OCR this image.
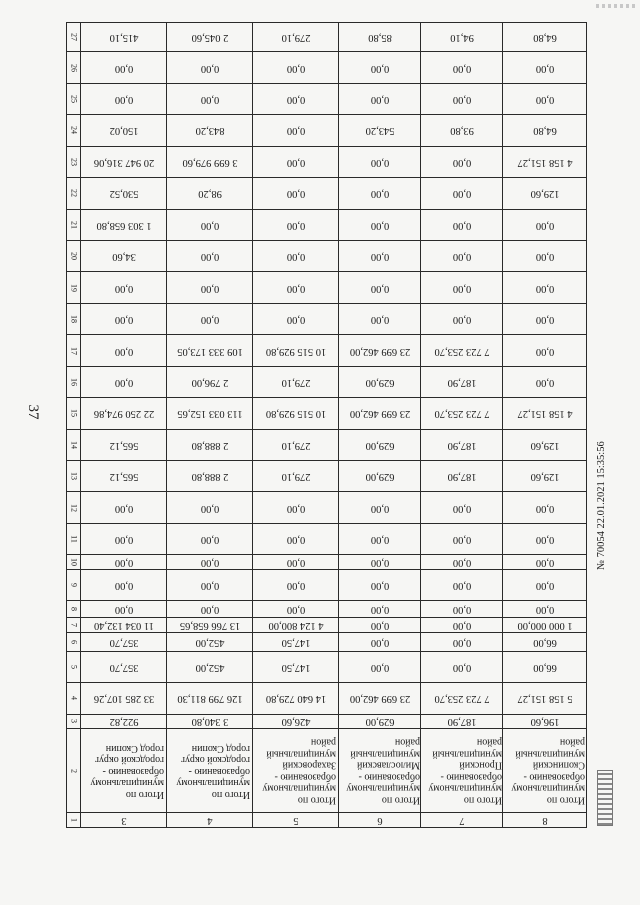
37
27	415,10	2 045,60	279,10	85,80	94,10	64,80

26	0,00	0,00	0,00	0,00	0,00	0,00

25	0,00	0,00	0,00	0,00	0,00	0,00

24	150,02	843,20	0,00	543,20	93,80	64,80

23	20 947 316,06	3 699 979,60	0,00	0,00	0,00	4 158 151,27

22	530,52	98,20	0,00	0,00	0,00	129,60

21	1 303 658,80	0,00	0,00	0,00	0,00	0,00

20	34,60	0,00	0,00	0,00	0,00	0,00

19	0,00	0,00	0,00	0,00	0,00	0,00

18	0,00	0,00	0,00	0,00	0,00	0,00

17	0,00	109 333 173,05	10 515 929,80	23 699 462,00	7 723 253,70	0,00

16	0,00	2 796,00	279,10	629,00	187,90	0,00

15	22 250 974,86	113 033 152,65	10 515 929,80	23 699 462,00	7 723 253,70	4 158 151,27

14	565,12	2 888,80	279,10	629,00	187,90	129,60

13	565,12	2 888,80	279,10	629,00	187,90	129,60

12	0,00	0,00	0,00	0,00	0,00	0,00

11	0,00	0,00	0,00	0,00	0,00	0,00

10	0,00	0,00	0,00	0,00	0,00	0,00

9	0,00	0,00	0,00	0,00	0,00	0,00

8	0,00	0,00	0,00	0,00	0,00	0,00

7	11 034 132,40	13 766 658,65	4 124 800,00	0,00	0,00	1 000 000,00

6	357,70	452,00	147,50	0,00	0,00	66,00

5	357,70	452,00	147,50	0,00	0,00	66,00

4	33 285 107,26	126 799 811,30	14 640 729,80	23 699 462,00	7 723 253,70	5 158 151,27

3	922,82	3 340,80	426,60	629,00	187,90	196,60

2	Итого по муниципальному образованию - городской округ город Скопин	Итого по муниципальному образованию - городской округ город Скопин	Итого по муниципальному образованию - Захаровский муниципальный район	Итого по муниципальному образованию - Милославский муниципальный район	Итого по муниципальному образованию - Пронский муниципальный район	Итого по муниципальному образованию - Скопинский муниципальный район

1	3	4	5	6	7	8
№ 70054 22.01.2021 15:35:56
